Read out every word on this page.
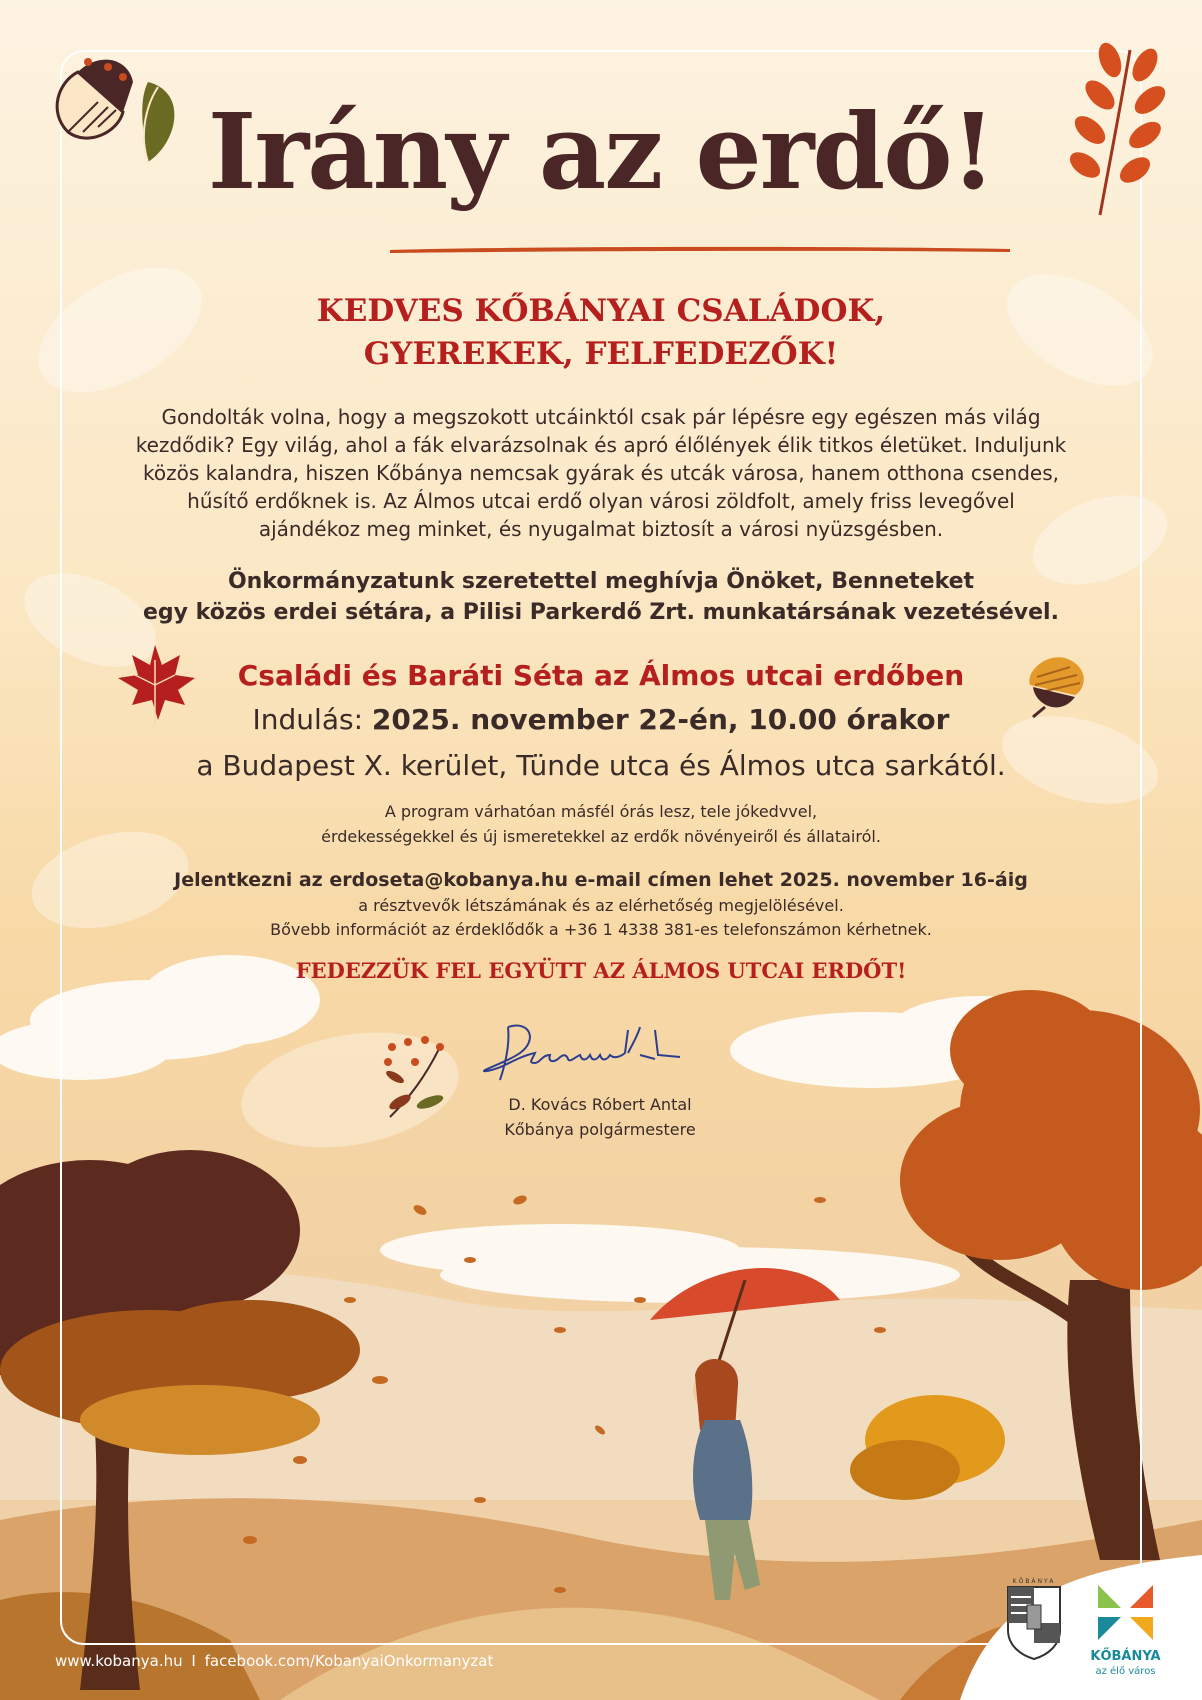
Irány az erdő!

KEDVES KŐBÁNYAI CSALÁDOK,

GYEREKEK, FELFEDEZŐK!

Gondolták volna, hogy a megszokott utcáinktól csak pár lépésre egy egészen más világ
kezdődik? Egy világ, ahol a fák elvarázsolnak és apró élőlények élik titkos életüket. Induljunk
közös kalandra, hiszen Kőbánya nemcsak gyárak és utcák városa, hanem otthona csendes,
hűsítő erdőknek is. Az Álmos utcai erdő olyan városi zöldfolt, amely friss levegővel
ajándékoz meg minket, és nyugalmat biztosít a városi nyüzsgésben.
Önkormányzatunk szeretettel meghívja Önöket, Benneteket
egy közös erdei sétára, a Pilisi Parkerdő Zrt. munkatársának vezetésével.

Családi és Baráti Séta az Álmos utcai erdőben

Indulás: 2025. november 22-én, 10.00 órakor

a Budapest X. kerület, Tünde utca és Álmos utca sarkától.

A program várhatóan másfél órás lesz, tele jókedvvel,

érdekességekkel és új ismeretekkel az erdők növényeiről és állatairól.

Jelentkezni az erdoseta@kobanya.hu e-mail címen lehet 2025. november 16-áig

a résztvevők létszámának és az elérhetőség megjelölésével.

Bővebb információt az érdeklődők a +36 1 4338 381-es telefonszámon kérhetnek.

FEDEZZÜK FEL EGYÜTT AZ ÁLMOS UTCAI ERDŐT!

D. Kovács Róbert Antal

Kőbánya polgármestere

www.kobanya.hu I facebook.com/KobanyaiOnkormanyzat
KŐBÁNYA

KŐBÁNYA

az élő város
